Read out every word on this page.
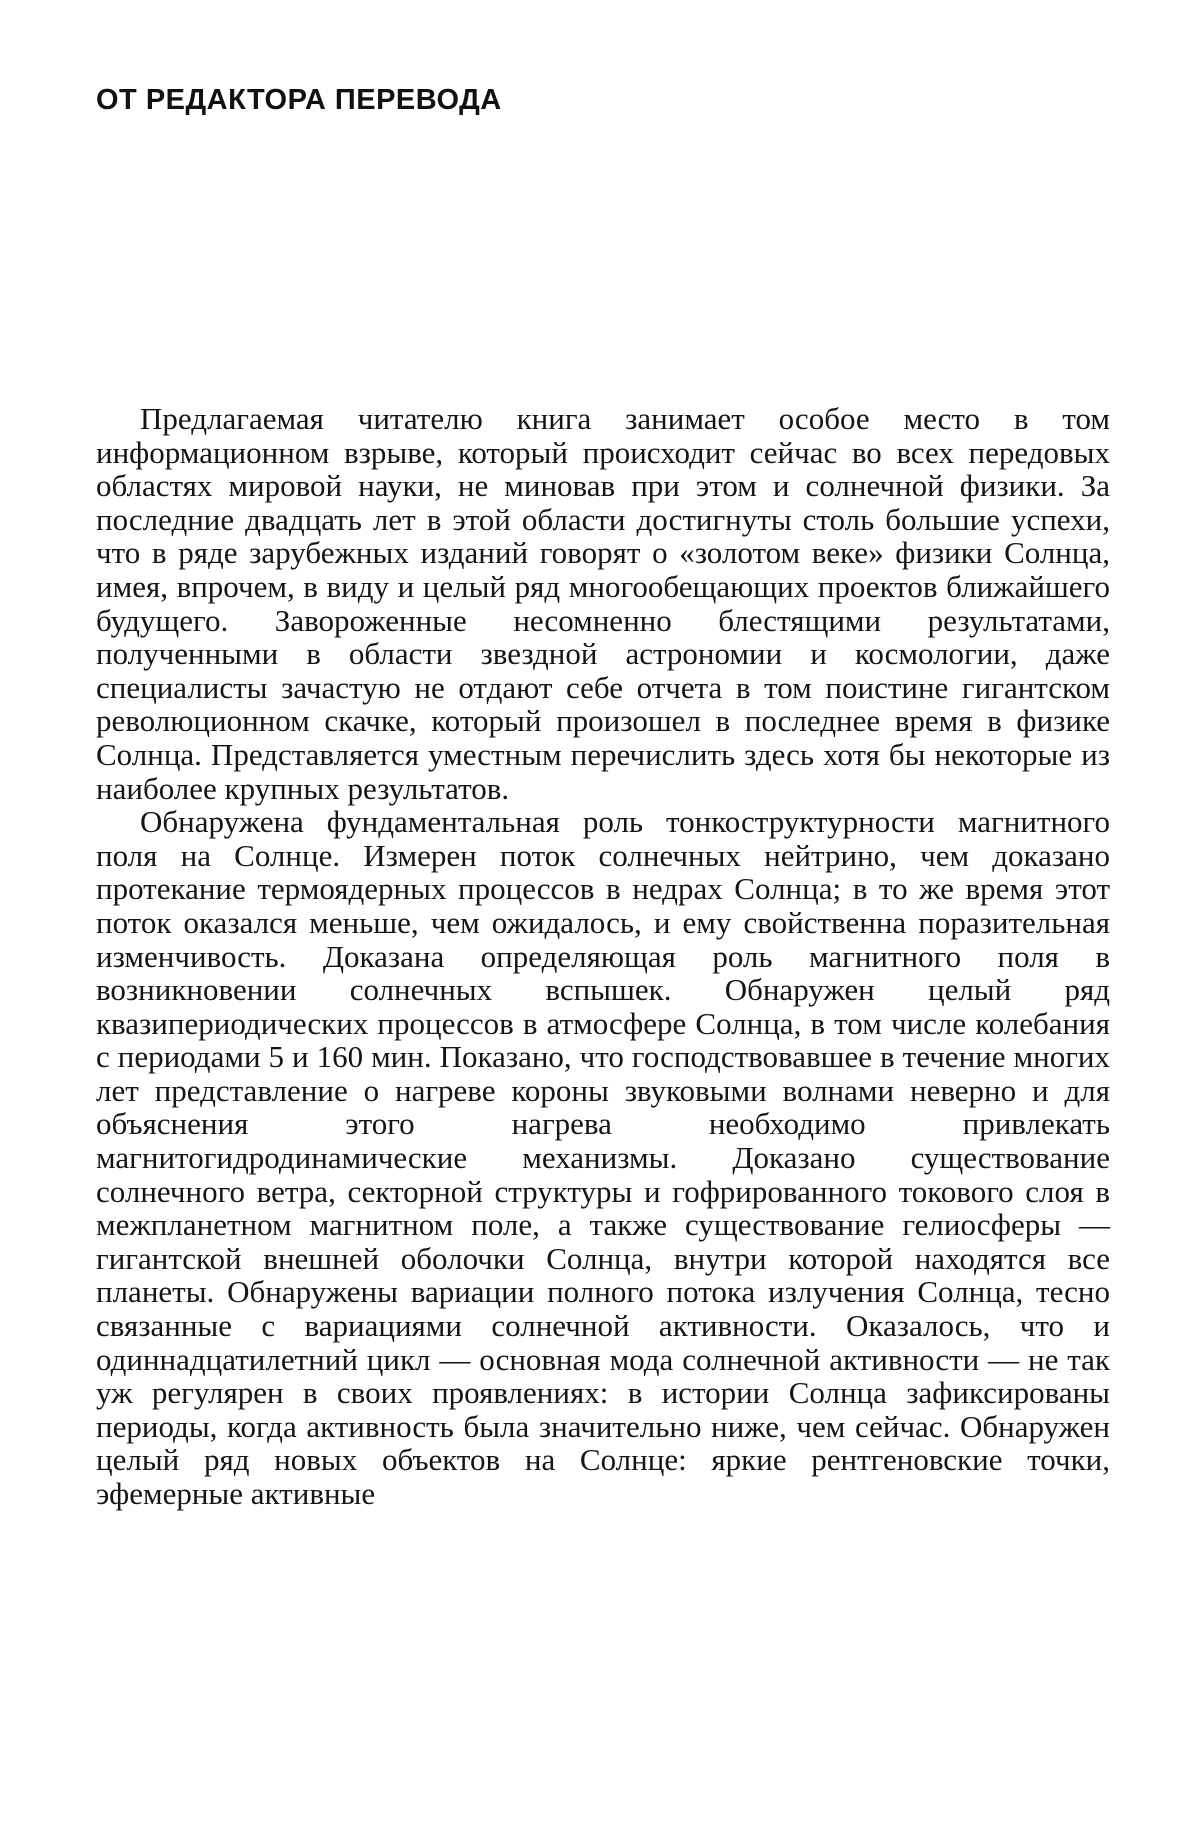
ОТ РЕДАКТОРА ПЕРЕВОДА

Предлагаемая читателю книга занимает особое место в том информационном взрыве, который происходит сейчас во всех передовых областях мировой науки, не миновав при этом и солнечной физики. За последние двадцать лет в этой области достигнуты столь большие успехи, что в ряде зарубежных изданий говорят о «золотом веке» физики Солнца, имея, впрочем, в виду и целый ряд многообещающих проектов ближайшего будущего. Завороженные несомненно блестящими результатами, полученными в области звездной астрономии и космологии, даже специалисты зачастую не отдают себе отчета в том поистине гигантском революционном скачке, который произошел в последнее время в физике Солнца. Представляется уместным перечислить здесь хотя бы некоторые из наиболее крупных результатов.

Обнаружена фундаментальная роль тонкоструктурности магнитного поля на Солнце. Измерен поток солнечных нейтрино, чем доказано протекание термоядерных процессов в недрах Солнца; в то же время этот поток оказался меньше, чем ожидалось, и ему свойственна поразительная изменчивость. Доказана определяющая роль магнитного поля в возникновении солнечных вспышек. Обнаружен целый ряд квазипериодических процессов в атмосфере Солнца, в том числе колебания с периодами 5 и 160 мин. Показано, что господствовавшее в течение многих лет представление о нагреве короны звуковыми волнами неверно и для объяснения этого нагрева необходимо привлекать магнитогидродинамические механизмы. Доказано существование солнечного ветра, секторной структуры и гофрированного токового слоя в межпланетном магнитном поле, а также существование гелиосферы — гигантской внешней оболочки Солнца, внутри которой находятся все планеты. Обнаружены вариации полного потока излучения Солнца, тесно связанные с вариациями солнечной активности. Оказалось, что и одиннадцатилетний цикл — основная мода солнечной активности — не так уж регулярен в своих проявлениях: в истории Солнца зафиксированы периоды, когда активность была значительно ниже, чем сейчас. Обнаружен целый ряд новых объектов на Солнце: яркие рентгеновские точки, эфемерные активные
